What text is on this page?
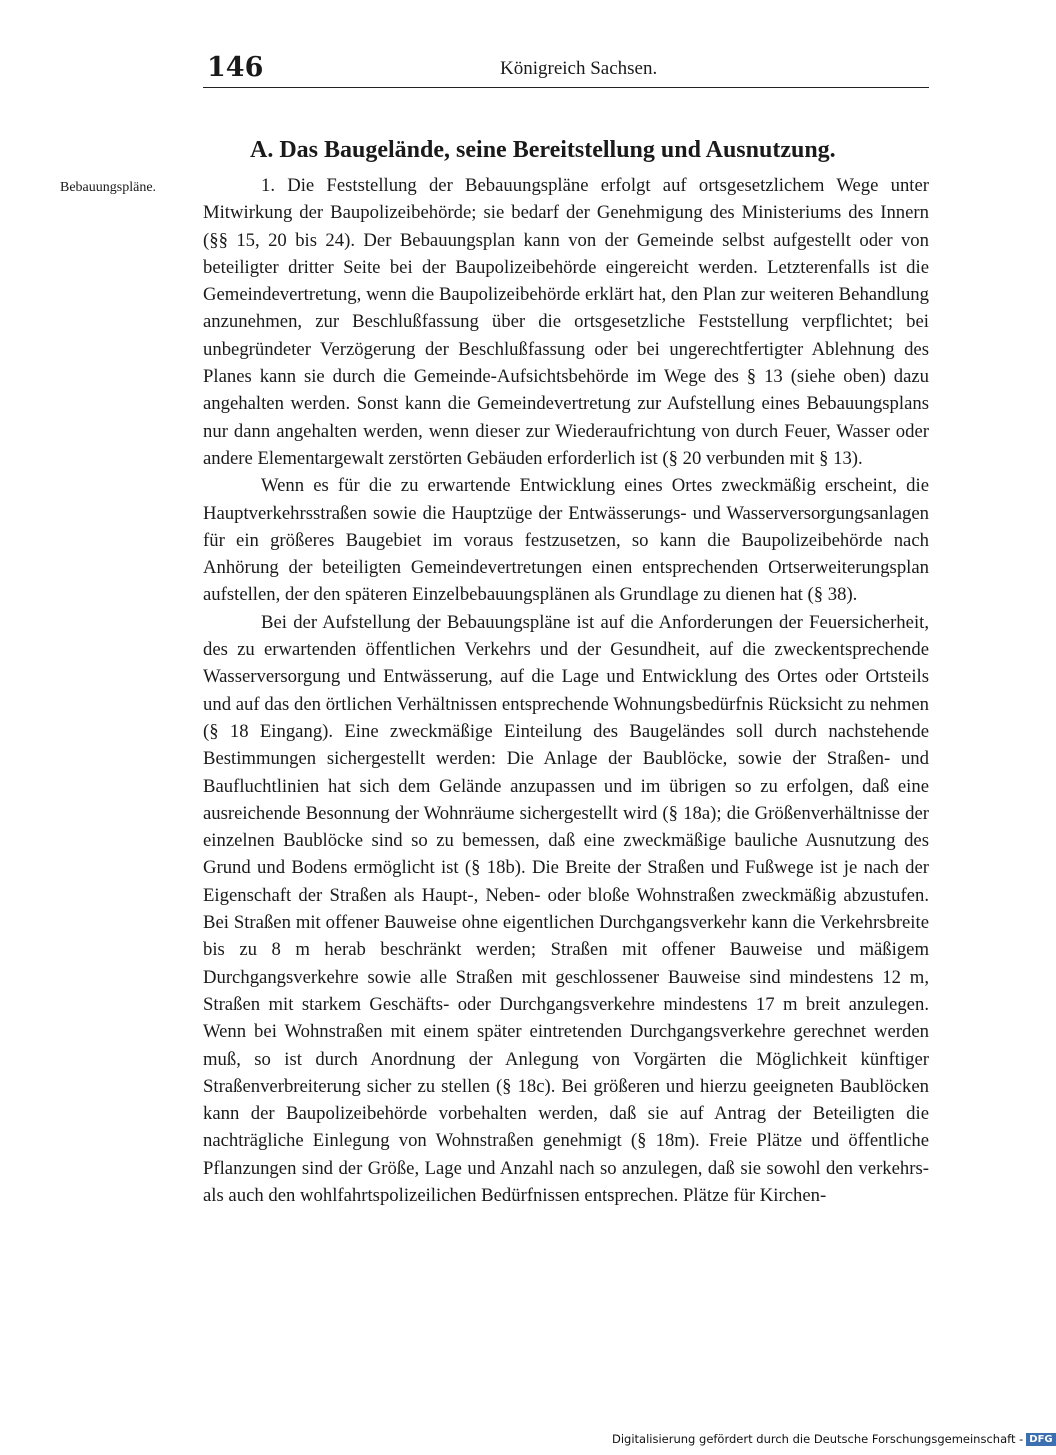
146	Königreich Sachsen.
A. Das Baugelände, seine Bereitstellung und Ausnutzung.
Bebauungspläne.	1. Die Feststellung der Bebauungspläne erfolgt auf ortsgesetzlichem Wege unter Mitwirkung der Baupolizeibehörde; sie bedarf der Genehmigung des Ministeriums des Innern (§§ 15, 20 bis 24). Der Bebauungsplan kann von der Gemeinde selbst aufgestellt oder von beteiligter dritter Seite bei der Baupolizeibehörde eingereicht werden. Letzterenfalls ist die Gemeindevertretung, wenn die Baupolizeibehörde erklärt hat, den Plan zur weiteren Behandlung anzunehmen, zur Beschlußfassung über die ortsgesetzliche Feststellung verpflichtet; bei unbegründeter Verzögerung der Beschlußfassung oder bei ungerechtfertigter Ablehnung des Planes kann sie durch die Gemeinde-Aufsichtsbehörde im Wege des § 13 (siehe oben) dazu angehalten werden. Sonst kann die Gemeindevertretung zur Aufstellung eines Bebauungsplans nur dann angehalten werden, wenn dieser zur Wiederaufrichtung von durch Feuer, Wasser oder andere Elementargewalt zerstörten Gebäuden erforderlich ist (§ 20 verbunden mit § 13).

Wenn es für die zu erwartende Entwicklung eines Ortes zweckmäßig erscheint, die Hauptverkehrsstraßen sowie die Hauptzüge der Entwässerungs- und Wasserversorgungsanlagen für ein größeres Baugebiet im voraus festzusetzen, so kann die Baupolizeibehörde nach Anhörung der beteiligten Gemeindevertretungen einen entsprechenden Ortserweiterungsplan aufstellen, der den späteren Einzelbebauungsplänen als Grundlage zu dienen hat (§ 38).

Bei der Aufstellung der Bebauungspläne ist auf die Anforderungen der Feuersicherheit, des zu erwartenden öffentlichen Verkehrs und der Gesundheit, auf die zweckentsprechende Wasserversorgung und Entwässerung, auf die Lage und Entwicklung des Ortes oder Ortsteils und auf das den örtlichen Verhältnissen entsprechende Wohnungsbedürfnis Rücksicht zu nehmen (§ 18 Eingang). Eine zweckmäßige Einteilung des Baugeländes soll durch nachstehende Bestimmungen sichergestellt werden: Die Anlage der Baublöcke, sowie der Straßen- und Baufluchtlinien hat sich dem Gelände anzupassen und im übrigen so zu erfolgen, daß eine ausreichende Besonnung der Wohnräume sichergestellt wird (§ 18a); die Größenverhältnisse der einzelnen Baublöcke sind so zu bemessen, daß eine zweckmäßige bauliche Ausnutzung des Grund und Bodens ermöglicht ist (§ 18b). Die Breite der Straßen und Fußwege ist je nach der Eigenschaft der Straßen als Haupt-, Neben- oder bloße Wohnstraßen zweckmäßig abzustufen. Bei Straßen mit offener Bauweise ohne eigentlichen Durchgangsverkehr kann die Verkehrsbreite bis zu 8 m herab beschränkt werden; Straßen mit offener Bauweise und mäßigem Durchgangsverkehre sowie alle Straßen mit geschlossener Bauweise sind mindestens 12 m, Straßen mit starkem Geschäfts- oder Durchgangsverkehre mindestens 17 m breit anzulegen. Wenn bei Wohnstraßen mit einem später eintretenden Durchgangsverkehre gerechnet werden muß, so ist durch Anordnung der Anlegung von Vorgärten die Möglichkeit künftiger Straßenverbreiterung sicher zu stellen (§ 18c). Bei größeren und hierzu geeigneten Baublöcken kann der Baupolizeibehörde vorbehalten werden, daß sie auf Antrag der Beteiligten die nachträgliche Einlegung von Wohnstraßen genehmigt (§ 18m). Freie Plätze und öffentliche Pflanzungen sind der Größe, Lage und Anzahl nach so anzulegen, daß sie sowohl den verkehrs- als auch den wohlfahrtspolizeilichen Bedürfnissen entsprechen. Plätze für Kirchen-

Digitalisierung gefördert durch die Deutsche Forschungsgemeinschaft - DFG
